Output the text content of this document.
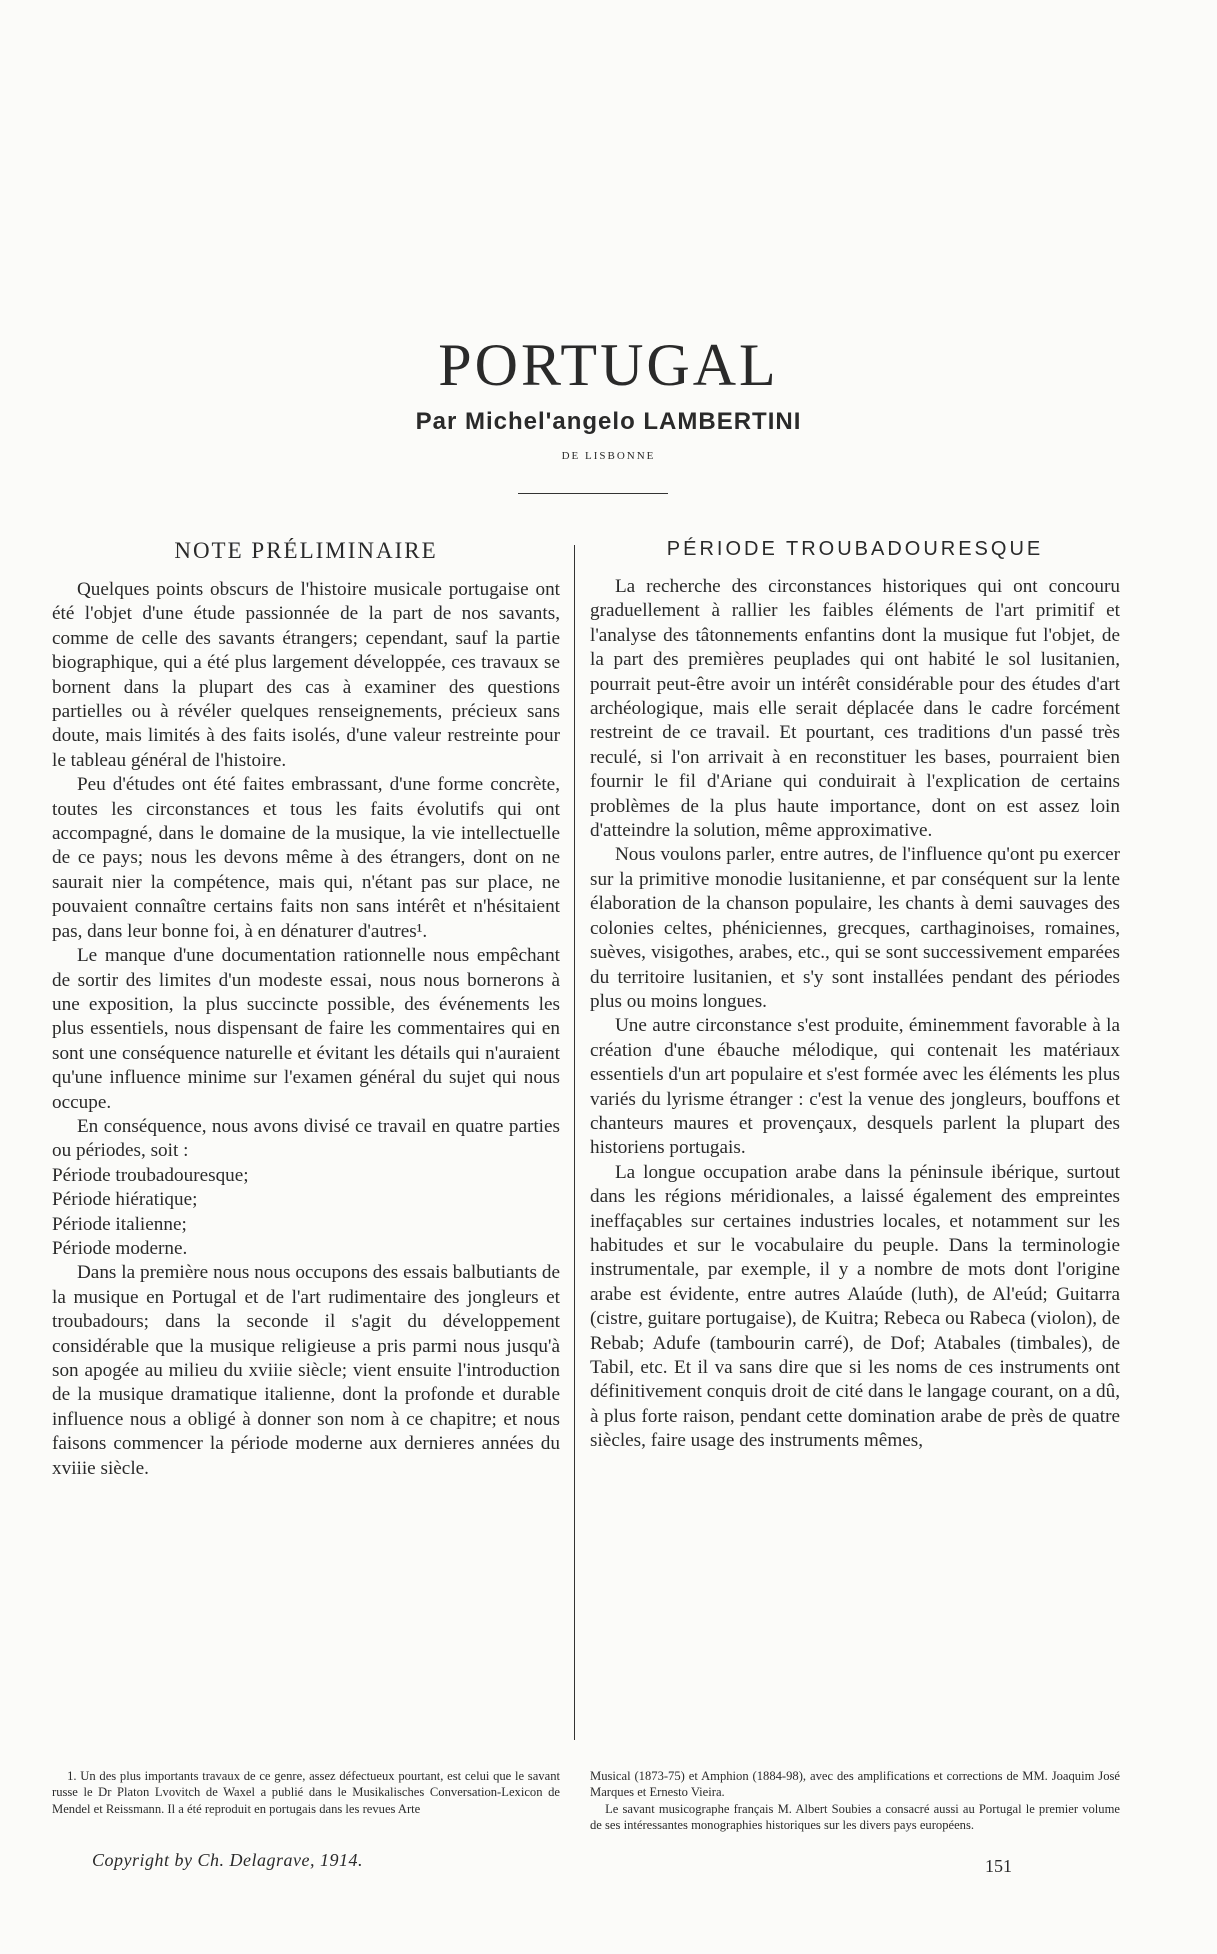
PORTUGAL
Par Michel'angelo LAMBERTINI
DE LISBONNE
NOTE PRÉLIMINAIRE

Quelques points obscurs de l'histoire musicale portugaise ont été l'objet d'une étude passionnée de la part de nos savants, comme de celle des savants étrangers; cependant, sauf la partie biographique, qui a été plus largement développée, ces travaux se bornent dans la plupart des cas à examiner des questions partielles ou à révéler quelques renseignements, précieux sans doute, mais limités à des faits isolés, d'une valeur restreinte pour le tableau général de l'histoire.

Peu d'études ont été faites embrassant, d'une forme concrète, toutes les circonstances et tous les faits évolutifs qui ont accompagné, dans le domaine de la musique, la vie intellectuelle de ce pays; nous les devons même à des étrangers, dont on ne saurait nier la compétence, mais qui, n'étant pas sur place, ne pouvaient connaître certains faits non sans intérêt et n'hésitaient pas, dans leur bonne foi, à en dénaturer d'autres¹.

Le manque d'une documentation rationnelle nous empêchant de sortir des limites d'un modeste essai, nous nous bornerons à une exposition, la plus succincte possible, des événements les plus essentiels, nous dispensant de faire les commentaires qui en sont une conséquence naturelle et évitant les détails qui n'auraient qu'une influence minime sur l'examen général du sujet qui nous occupe.

En conséquence, nous avons divisé ce travail en quatre parties ou périodes, soit :

Période troubadouresque;
Période hiératique;
Période italienne;
Période moderne.

Dans la première nous nous occupons des essais balbutiants de la musique en Portugal et de l'art rudimentaire des jongleurs et troubadours; dans la seconde il s'agit du développement considérable que la musique religieuse a pris parmi nous jusqu'à son apogée au milieu du xviiie siècle; vient ensuite l'introduction de la musique dramatique italienne, dont la profonde et durable influence nous a obligé à donner son nom à ce chapitre; et nous faisons commencer la période moderne aux dernieres années du xviiie siècle.

PÉRIODE TROUBADOURESQUE

La recherche des circonstances historiques qui ont concouru graduellement à rallier les faibles éléments de l'art primitif et l'analyse des tâtonnements enfantins dont la musique fut l'objet, de la part des premières peuplades qui ont habité le sol lusitanien, pourrait peut-être avoir un intérêt considérable pour des études d'art archéologique, mais elle serait déplacée dans le cadre forcément restreint de ce travail. Et pourtant, ces traditions d'un passé très reculé, si l'on arrivait à en reconstituer les bases, pourraient bien fournir le fil d'Ariane qui conduirait à l'explication de certains problèmes de la plus haute importance, dont on est assez loin d'atteindre la solution, même approximative.

Nous voulons parler, entre autres, de l'influence qu'ont pu exercer sur la primitive monodie lusitanienne, et par conséquent sur la lente élaboration de la chanson populaire, les chants à demi sauvages des colonies celtes, phéniciennes, grecques, carthaginoises, romaines, suèves, visigothes, arabes, etc., qui se sont successivement emparées du territoire lusitanien, et s'y sont installées pendant des périodes plus ou moins longues.

Une autre circonstance s'est produite, éminemment favorable à la création d'une ébauche mélodique, qui contenait les matériaux essentiels d'un art populaire et s'est formée avec les éléments les plus variés du lyrisme étranger : c'est la venue des jongleurs, bouffons et chanteurs maures et provençaux, desquels parlent la plupart des historiens portugais.

La longue occupation arabe dans la péninsule ibérique, surtout dans les régions méridionales, a laissé également des empreintes ineffaçables sur certaines industries locales, et notamment sur les habitudes et sur le vocabulaire du peuple. Dans la terminologie instrumentale, par exemple, il y a nombre de mots dont l'origine arabe est évidente, entre autres Alaúde (luth), de Al'eúd; Guitarra (cistre, guitare portugaise), de Kuitra; Rebeca ou Rabeca (violon), de Rebab; Adufe (tambourin carré), de Dof; Atabales (timbales), de Tabil, etc. Et il va sans dire que si les noms de ces instruments ont définitivement conquis droit de cité dans le langage courant, on a dû, à plus forte raison, pendant cette domination arabe de près de quatre siècles, faire usage des instruments mêmes,

1. Un des plus importants travaux de ce genre, assez défectueux pourtant, est celui que le savant russe le Dr Platon Lvovitch de Waxel a publié dans le Musikalisches Conversation-Lexicon de Mendel et Reissmann. Il a été reproduit en portugais dans les revues Arte

Musical (1873-75) et Amphion (1884-98), avec des amplifications et corrections de MM. Joaquim José Marques et Ernesto Vieira.

Le savant musicographe français M. Albert Soubies a consacré aussi au Portugal le premier volume de ses intéressantes monographies historiques sur les divers pays européens.

Copyright by Ch. Delagrave, 1914.	151
